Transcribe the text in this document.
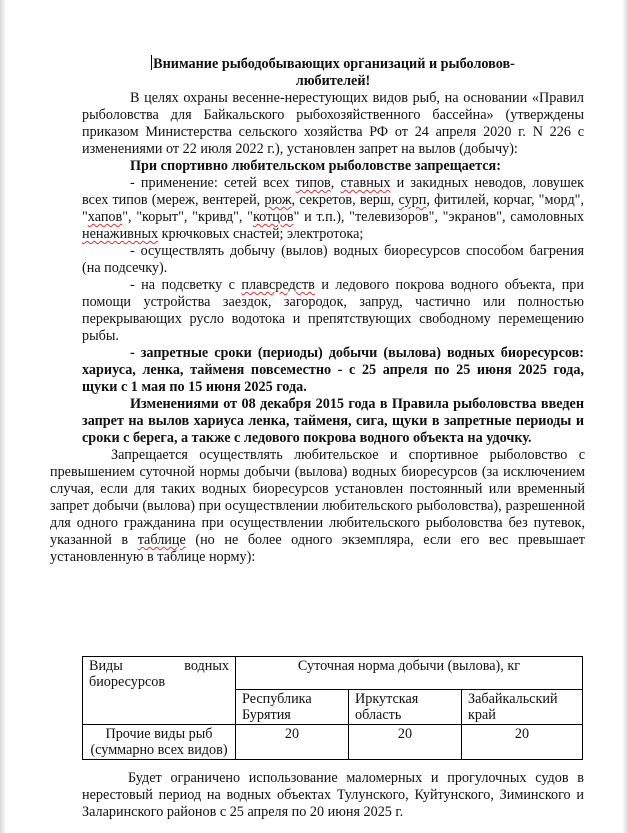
Внимание рыбодобывающих организаций и рыболовов-
любителей!

В целях охраны весенне-нерестующих видов рыб, на основании «Правил рыболовства для Байкальского рыбохозяйственного бассейна» (утверждены приказом Министерства сельского хозяйства РФ от 24 апреля 2020 г. N 226 с изменениями от 22 июля 2022 г.), установлен запрет на вылов (добычу):

При спортивно любительском рыболовстве запрещается:

- применение: сетей всех типов, ставных и закидных неводов, ловушек всех типов (мереж, вентерей, рюж, секретов, верш, сурп, фитилей, корчаг, "морд", "хапов", "корыт", "кривд", "котцов" и т.п.), "телевизоров", "экранов", самоловных ненаживных крючковых снастей; электротока;

- осуществлять добычу (вылов) водных биоресурсов способом багрения (на подсечку).

- на подсветку с плавсредств и ледового покрова водного объекта, при помощи устройства заездок, загородок, запруд, частично или полностью перекрывающих русло водотока и препятствующих свободному перемещению рыбы.

- запретные сроки (периоды) добычи (вылова) водных биоресурсов: хариуса, ленка, тайменя повсеместно - с 25 апреля по 25 июня 2025 года, щуки с 1 мая по 15 июня 2025 года.

Изменениями от 08 декабря 2015 года в Правила рыболовства введен запрет на вылов хариуса ленка, тайменя, сига, щуки в запретные периоды и сроки с берега, а также с ледового покрова водного объекта на удочку.

Запрещается осуществлять любительское и спортивное рыболовство с превышением суточной нормы добычи (вылова) водных биоресурсов (за исключением случая, если для таких водных биоресурсов установлен постоянный или временный запрет добычи (вылова) при осуществлении любительского рыболовства), разрешенной для одного гражданина при осуществлении любительского рыболовства без путевок, указанной в таблице (но не более одного экземпляра, если его вес превышает установленную в таблице норму):

Виды водных биоресурсов	Суточная норма добычи (вылова), кг		
	Республика Бурятия	Иркутская область	Забайкальский край
Прочие виды рыб (суммарно всех видов)	20	20	20

Будет ограничено использование маломерных и прогулочных судов в нерестовый период на водных объектах Тулунского, Куйтунского, Зиминского и Заларинского районов с 25 апреля по 20 июня 2025 г.
